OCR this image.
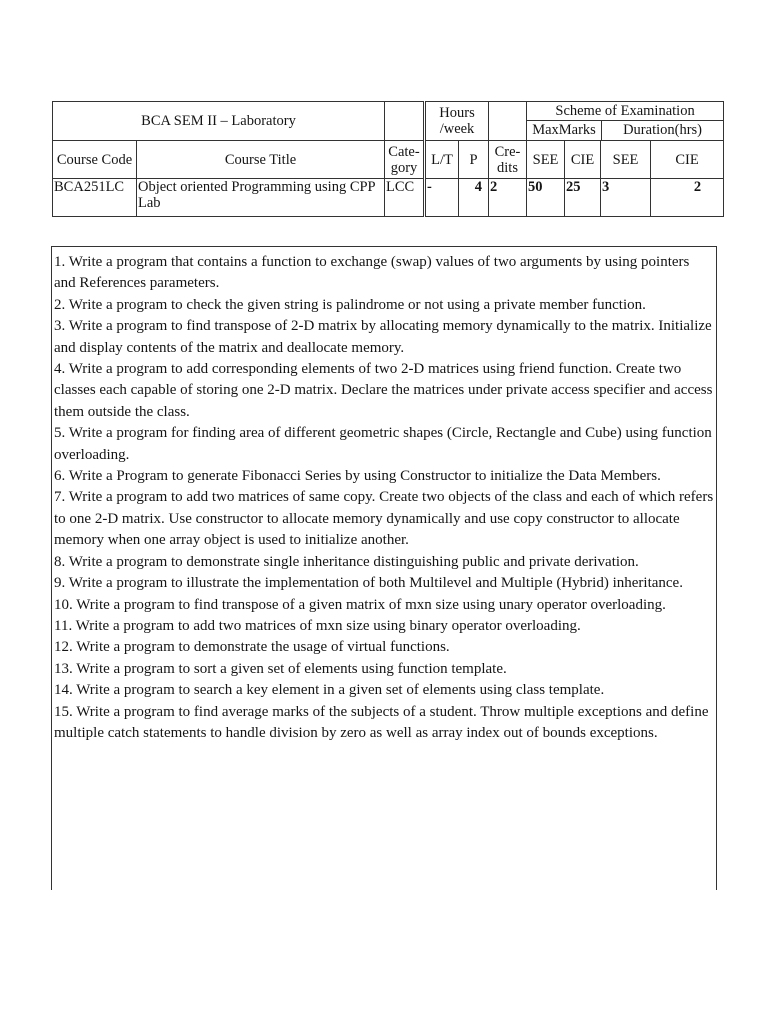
BCA SEM II – Laboratory			Hours /week			Scheme of Examination
MaxMarks Duration(hrs)			

Course Code	Course Title	Cate- gory	L/T	P	Cre- dits	SEE	CIE	SEE	CIE
BCA251LC	Object oriented Programming using CPP Lab	LCC	-	4	2	50	25	3	2

1. Write a program that contains a function to exchange (swap) values of two arguments by using pointers and References parameters.

2. Write a program to check the given string is palindrome or not using a private member function.

3. Write a program to find transpose of 2-D matrix by allocating memory dynamically to the matrix. Initialize and display contents of the matrix and deallocate memory.

4. Write a program to add corresponding elements of two 2-D matrices using friend function. Create two classes each capable of storing one 2-D matrix. Declare the matrices under private access specifier and access them outside the class.

5. Write a program for finding area of different geometric shapes (Circle, Rectangle and Cube) using function overloading.

6. Write a Program to generate Fibonacci Series by using Constructor to initialize the Data Members.

7. Write a program to add two matrices of same copy. Create two objects of the class and each of which refers to one 2-D matrix. Use constructor to allocate memory dynamically and use copy constructor to allocate memory when one array object is used to initialize another.

8. Write a program to demonstrate single inheritance distinguishing public and private derivation.

9. Write a program to illustrate the implementation of both Multilevel and Multiple (Hybrid) inheritance.

10. Write a program to find transpose of a given matrix of mxn size using unary operator overloading.

11. Write a program to add two matrices of mxn size using binary operator overloading.

12. Write a program to demonstrate the usage of virtual functions.

13. Write a program to sort a given set of elements using function template.

14. Write a program to search a key element in a given set of elements using class template.

15. Write a program to find average marks of the subjects of a student. Throw multiple exceptions and define multiple catch statements to handle division by zero as well as array index out of bounds exceptions.
